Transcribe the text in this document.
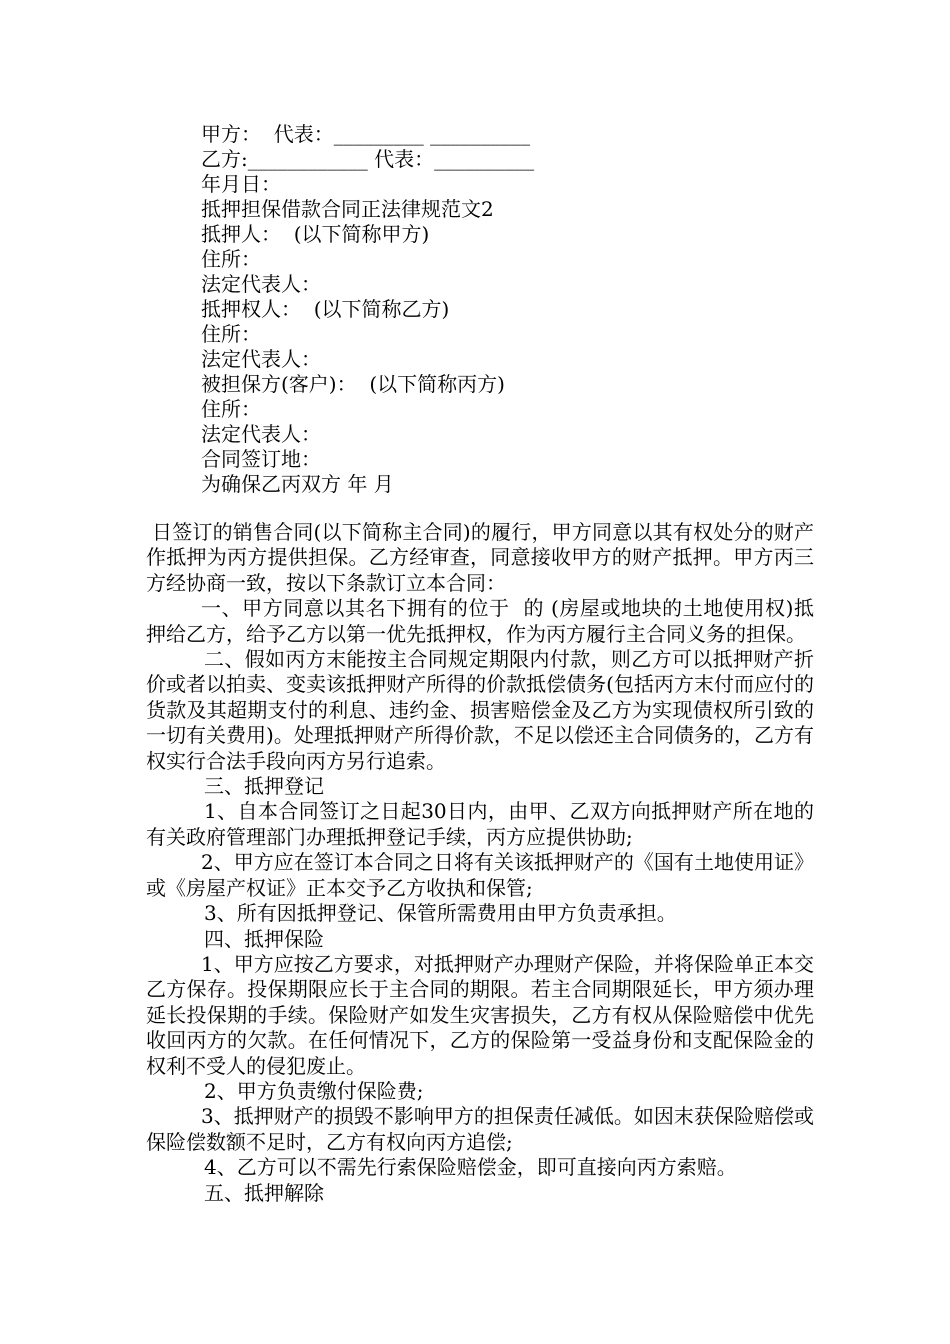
甲方：  代表：_________ __________
乙方:____________ 代表：__________
年月日：
抵押担保借款合同正法律规范文2
抵押人：  (以下简称甲方)
住所：
法定代表人：
抵押权人：  (以下简称乙方)
住所：
法定代表人：
被担保方(客户)：  (以下简称丙方)
住所：
法定代表人：
合同签订地：
为确保乙丙双方 年 月

日签订的销售合同(以下简称主合同)的履行，甲方同意以其有权处分的财产作抵押为丙方提供担保。乙方经审查，同意接收甲方的财产抵押。甲方丙三方经协商一致，按以下条款订立本合同：

一、甲方同意以其名下拥有的位于  的 (房屋或地块的土地使用权)抵押给乙方，给予乙方以第一优先抵押权，作为丙方履行主合同义务的担保。

二、假如丙方末能按主合同规定期限内付款，则乙方可以抵押财产折价或者以拍卖、变卖该抵押财产所得的价款抵偿债务(包括丙方末付而应付的货款及其超期支付的利息、违约金、损害赔偿金及乙方为实现债权所引致的一切有关费用)。处理抵押财产所得价款，不足以偿还主合同债务的，乙方有权实行合法手段向丙方另行追索。

三、抵押登记

1、自本合同签订之日起30日内，由甲、乙双方向抵押财产所在地的有关政府管理部门办理抵押登记手续，丙方应提供协助;

2、甲方应在签订本合同之日将有关该抵押财产的《国有土地使用证》或《房屋产权证》正本交予乙方收执和保管;

3、所有因抵押登记、保管所需费用由甲方负责承担。

四、抵押保险

1、甲方应按乙方要求，对抵押财产办理财产保险，并将保险单正本交乙方保存。投保期限应长于主合同的期限。若主合同期限延长，甲方须办理延长投保期的手续。保险财产如发生灾害损失，乙方有权从保险赔偿中优先收回丙方的欠款。在任何情况下，乙方的保险第一受益身份和支配保险金的权利不受人的侵犯废止。

2、甲方负责缴付保险费;

3、抵押财产的损毁不影响甲方的担保责任减低。如因末获保险赔偿或保险偿数额不足时，乙方有权向丙方追偿;

4、乙方可以不需先行索保险赔偿金，即可直接向丙方索赔。

五、抵押解除
